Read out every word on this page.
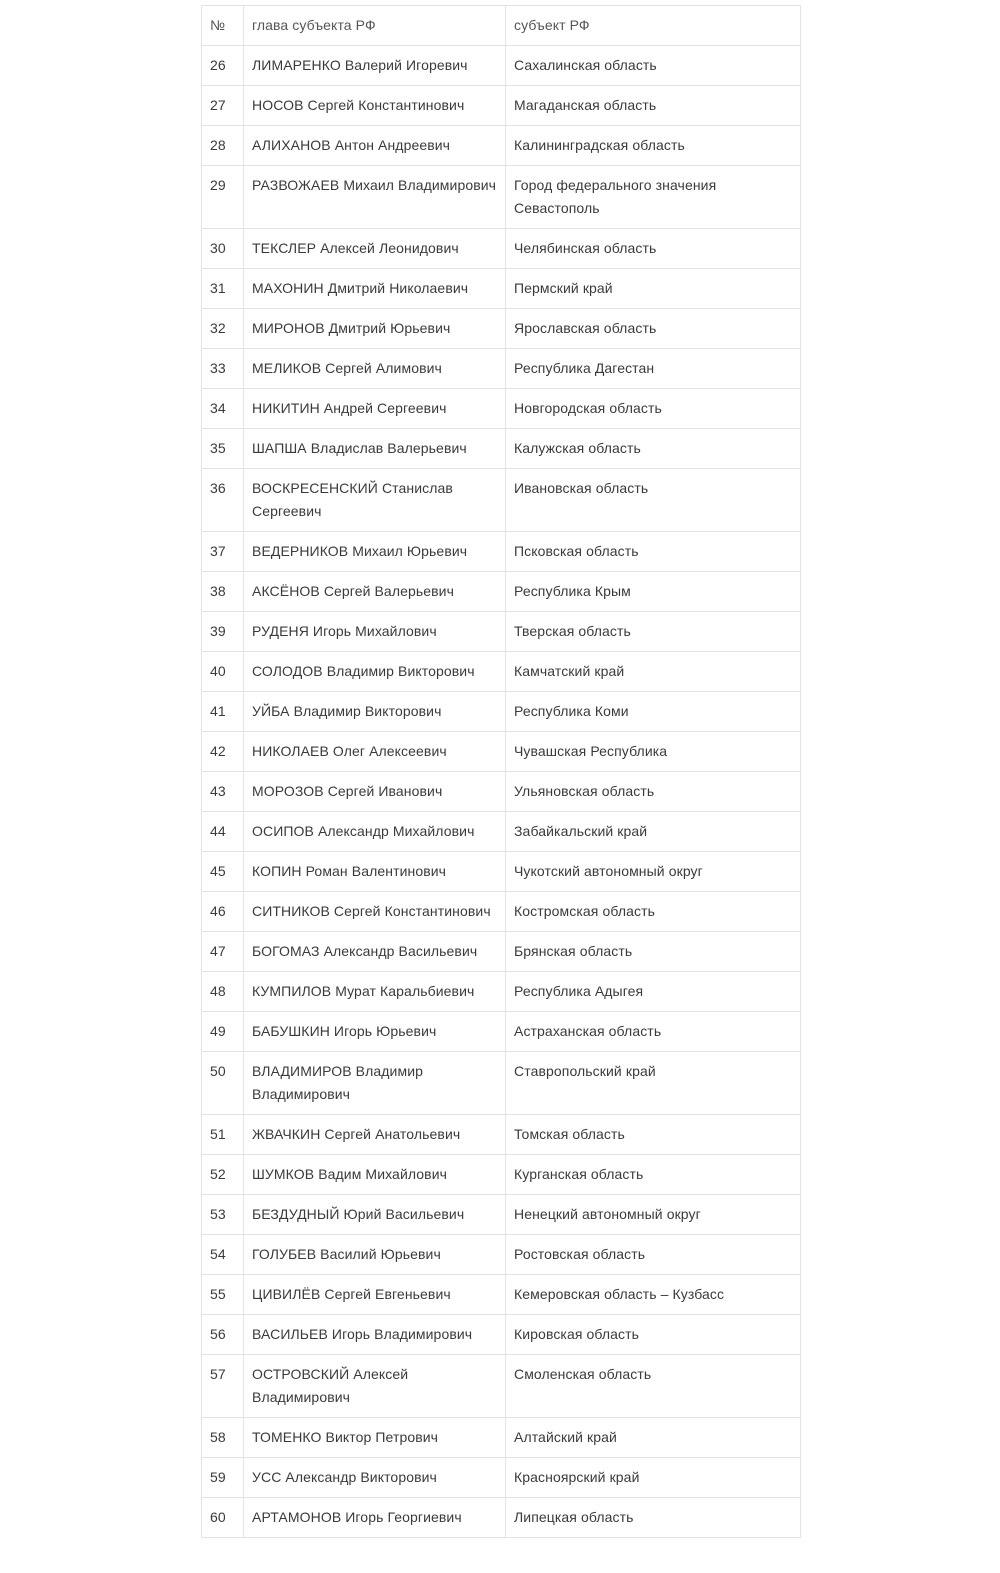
№	глава субъекта РФ	субъект РФ
26	ЛИМАРЕНКО Валерий Игоревич	Сахалинская область
27	НОСОВ Сергей Константинович	Магаданская область
28	АЛИХАНОВ Антон Андреевич	Калининградская область
29	РАЗВОЖАЕВ Михаил Владимирович	Город федерального значения Севастополь
30	ТЕКСЛЕР Алексей Леонидович	Челябинская область
31	МАХОНИН Дмитрий Николаевич	Пермский край
32	МИРОНОВ Дмитрий Юрьевич	Ярославская область
33	МЕЛИКОВ Сергей Алимович	Республика Дагестан
34	НИКИТИН Андрей Сергеевич	Новгородская область
35	ШАПША Владислав Валерьевич	Калужская область
36	ВОСКРЕСЕНСКИЙ Станислав Сергеевич	Ивановская область
37	ВЕДЕРНИКОВ Михаил Юрьевич	Псковская область
38	АКСЁНОВ Сергей Валерьевич	Республика Крым
39	РУДЕНЯ Игорь Михайлович	Тверская область
40	СОЛОДОВ Владимир Викторович	Камчатский край
41	УЙБА Владимир Викторович	Республика Коми
42	НИКОЛАЕВ Олег Алексеевич	Чувашская Республика
43	МОРОЗОВ Сергей Иванович	Ульяновская область
44	ОСИПОВ Александр Михайлович	Забайкальский край
45	КОПИН Роман Валентинович	Чукотский автономный округ
46	СИТНИКОВ Сергей Константинович	Костромская область
47	БОГОМАЗ Александр Васильевич	Брянская область
48	КУМПИЛОВ Мурат Каральбиевич	Республика Адыгея
49	БАБУШКИН Игорь Юрьевич	Астраханская область
50	ВЛАДИМИРОВ Владимир Владимирович	Ставропольский край
51	ЖВАЧКИН Сергей Анатольевич	Томская область
52	ШУМКОВ Вадим Михайлович	Курганская область
53	БЕЗДУДНЫЙ Юрий Васильевич	Ненецкий автономный округ
54	ГОЛУБЕВ Василий Юрьевич	Ростовская область
55	ЦИВИЛЁВ Сергей Евгеньевич	Кемеровская область – Кузбасс
56	ВАСИЛЬЕВ Игорь Владимирович	Кировская область
57	ОСТРОВСКИЙ Алексей Владимирович	Смоленская область
58	ТОМЕНКО Виктор Петрович	Алтайский край
59	УСС Александр Викторович	Красноярский край
60	АРТАМОНОВ Игорь Георгиевич	Липецкая область
